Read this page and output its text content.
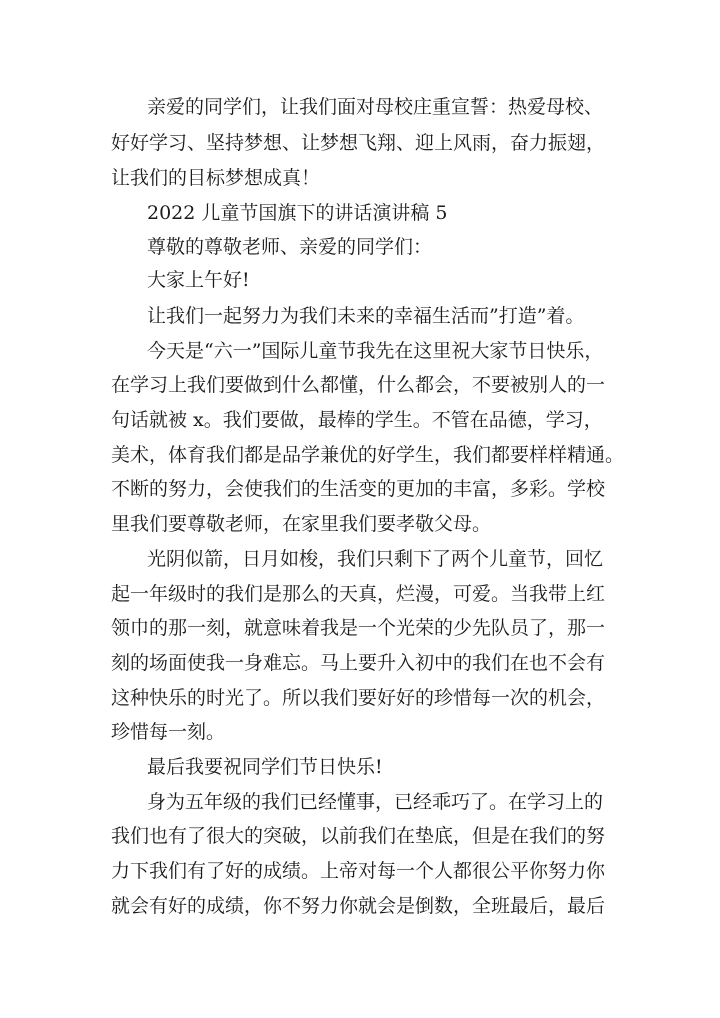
亲爱的同学们，让我们面对母校庄重宣誓：热爱母校、
好好学习、坚持梦想、让梦想飞翔、迎上风雨，奋力振翅，
让我们的目标梦想成真！
2022 儿童节国旗下的讲话演讲稿 5
尊敬的尊敬老师、亲爱的同学们：
大家上午好!
让我们一起努力为我们未来的幸福生活而”打造”着。
今天是“六一”国际儿童节我先在这里祝大家节日快乐，
在学习上我们要做到什么都懂，什么都会，不要被别人的一
句话就被 x。我们要做，最棒的学生。不管在品德，学习，
美术，体育我们都是品学兼优的好学生，我们都要样样精通。
不断的努力，会使我们的生活变的更加的丰富，多彩。学校
里我们要尊敬老师，在家里我们要孝敬父母。
光阴似箭，日月如梭，我们只剩下了两个儿童节，回忆
起一年级时的我们是那么的天真，烂漫，可爱。当我带上红
领巾的那一刻，就意味着我是一个光荣的少先队员了，那一
刻的场面使我一身难忘。马上要升入初中的我们在也不会有
这种快乐的时光了。所以我们要好好的珍惜每一次的机会，
珍惜每一刻。
最后我要祝同学们节日快乐!
身为五年级的我们已经懂事，已经乖巧了。在学习上的
我们也有了很大的突破，以前我们在垫底，但是在我们的努
力下我们有了好的成绩。上帝对每一个人都很公平你努力你
就会有好的成绩，你不努力你就会是倒数，全班最后，最后
